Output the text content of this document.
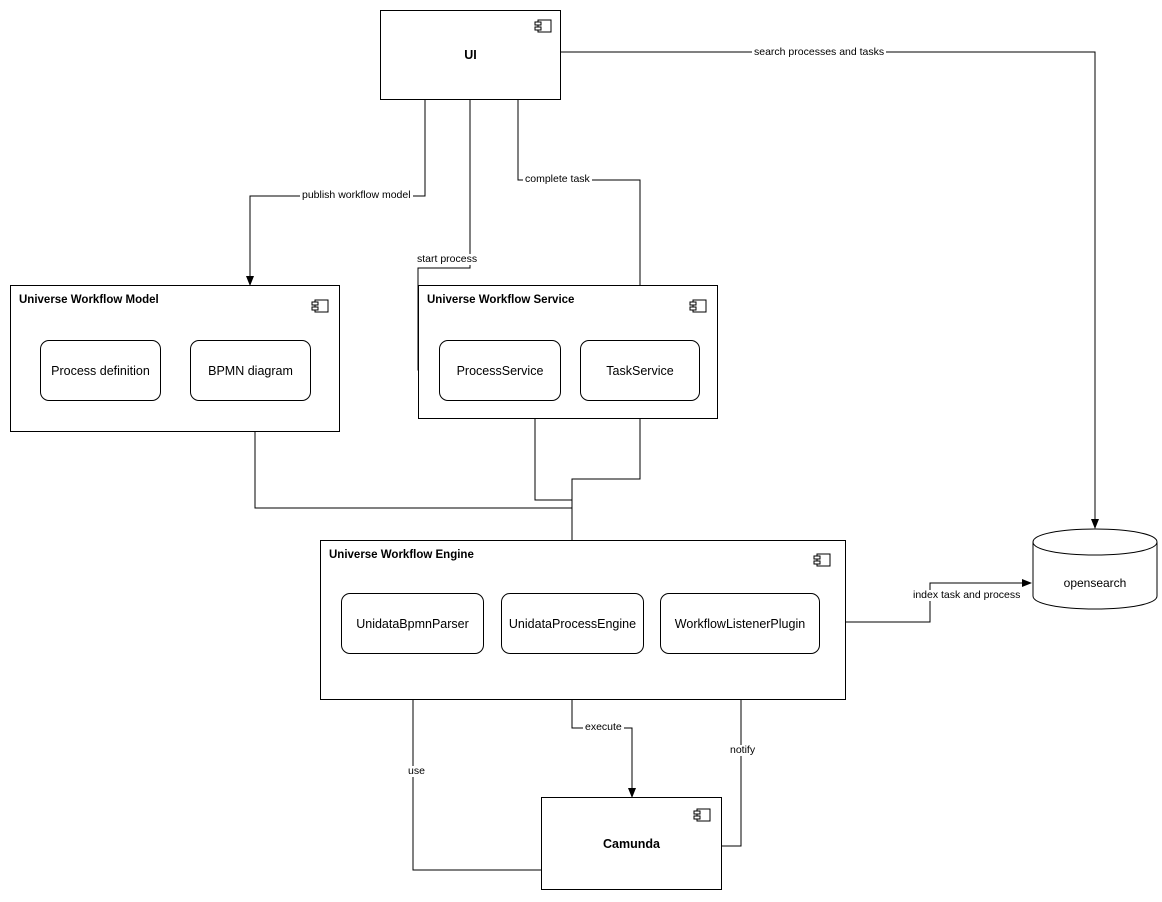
UI
Universe Workflow Model
Process definition	BPMN diagram
Universe Workflow Service
ProcessService	TaskService
Universe Workflow Engine
UnidataBpmnParser	UnidataProcessEngine	WorkflowListenerPlugin
Camunda
opensearch
search processes and tasks
publish workflow model
start process
complete task
index task and process
execute
notify
use
